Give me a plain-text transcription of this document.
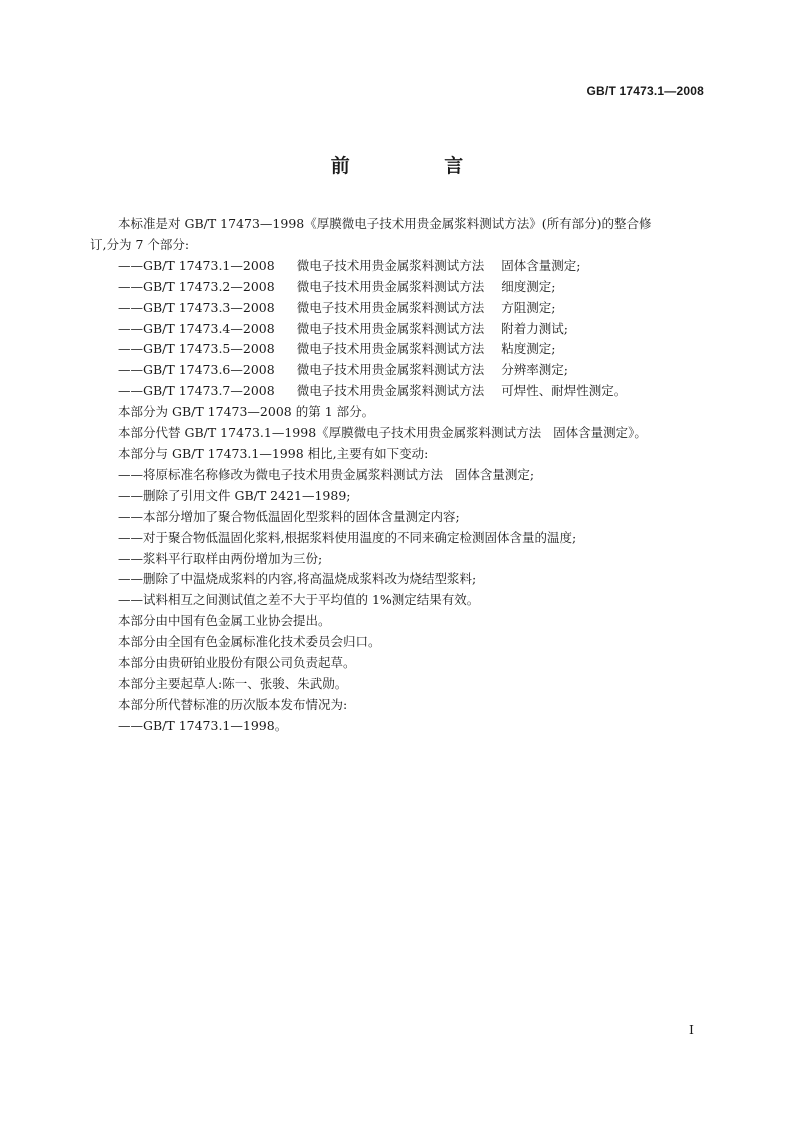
GB/T 17473.1—2008
前 言

本标准是对 GB/T 17473—1998《厚膜微电子技术用贵金属浆料测试方法》(所有部分)的整合修

订,分为 7 个部分:

——GB/T 17473.1—2008 微电子技术用贵金属浆料测试方法 固体含量测定;

——GB/T 17473.2—2008 微电子技术用贵金属浆料测试方法 细度测定;

——GB/T 17473.3—2008 微电子技术用贵金属浆料测试方法 方阻测定;

——GB/T 17473.4—2008 微电子技术用贵金属浆料测试方法 附着力测试;

——GB/T 17473.5—2008 微电子技术用贵金属浆料测试方法 粘度测定;

——GB/T 17473.6—2008 微电子技术用贵金属浆料测试方法 分辨率测定;

——GB/T 17473.7—2008 微电子技术用贵金属浆料测试方法 可焊性、耐焊性测定。

本部分为 GB/T 17473—2008 的第 1 部分。

本部分代替 GB/T 17473.1—1998《厚膜微电子技术用贵金属浆料测试方法   固体含量测定》。

本部分与 GB/T 17473.1—1998 相比,主要有如下变动:

——将原标准名称修改为微电子技术用贵金属浆料测试方法   固体含量测定;

——删除了引用文件 GB/T 2421—1989;

——本部分增加了聚合物低温固化型浆料的固体含量测定内容;

——对于聚合物低温固化浆料,根据浆料使用温度的不同来确定检测固体含量的温度;

——浆料平行取样由两份增加为三份;

——删除了中温烧成浆料的内容,将高温烧成浆料改为烧结型浆料;

——试料相互之间测试值之差不大于平均值的 1%测定结果有效。

本部分由中国有色金属工业协会提出。

本部分由全国有色金属标准化技术委员会归口。

本部分由贵研铂业股份有限公司负责起草。

本部分主要起草人:陈一、张骏、朱武勋。

本部分所代替标准的历次版本发布情况为:

——GB/T 17473.1—1998。

I
